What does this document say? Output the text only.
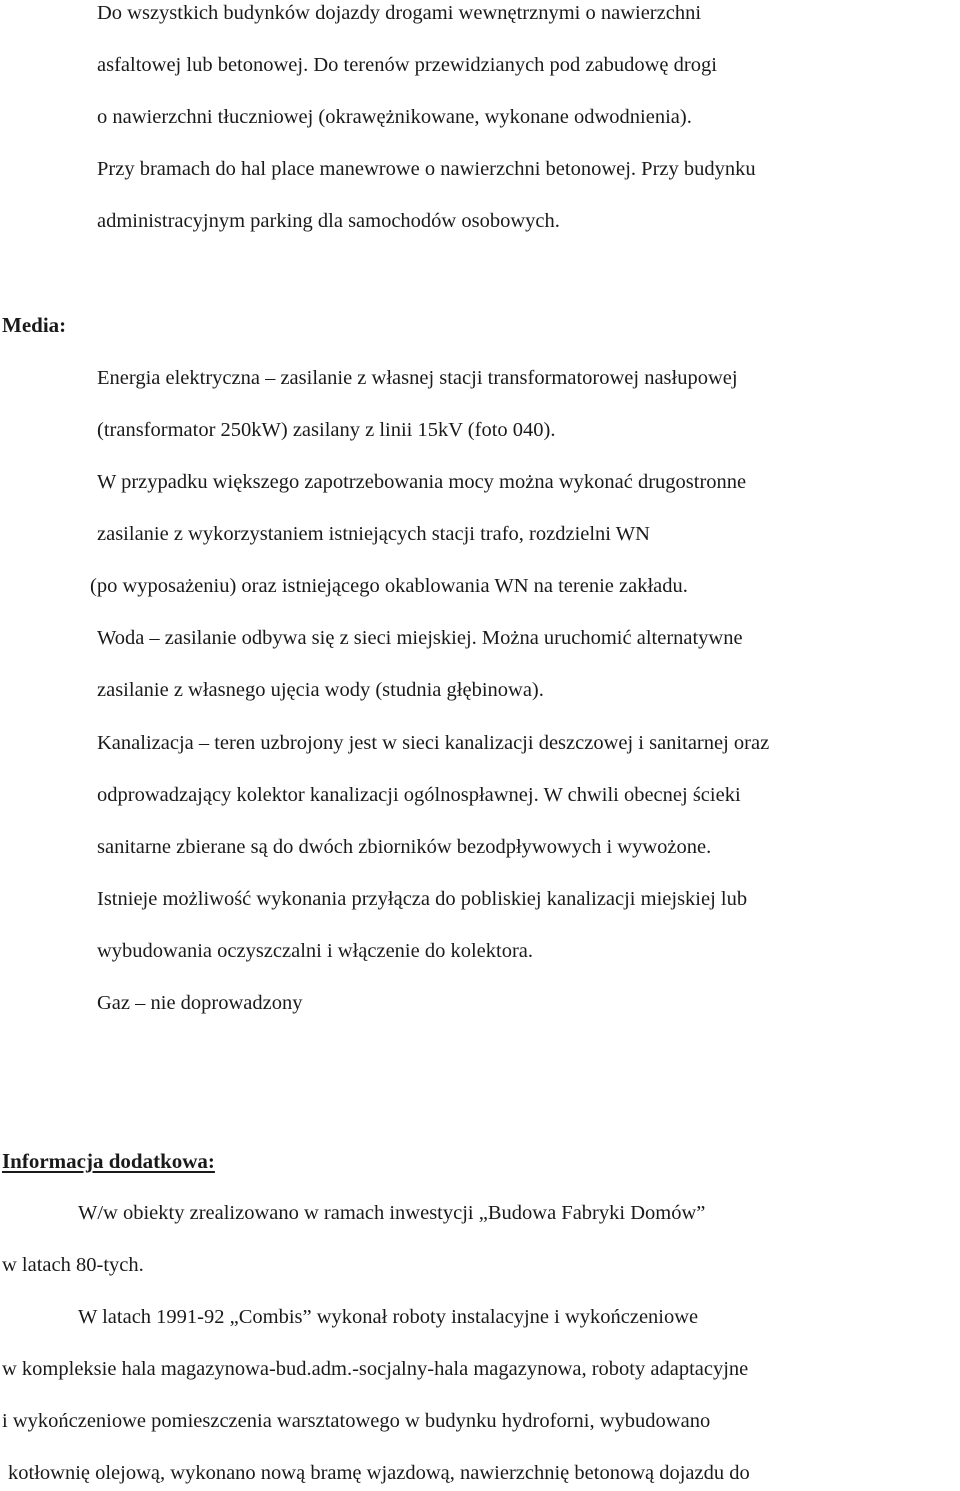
Do wszystkich budynków dojazdy drogami wewnętrznymi o nawierzchni

asfaltowej lub betonowej. Do terenów przewidzianych pod zabudowę drogi

o nawierzchni tłuczniowej (okrawężnikowane, wykonane odwodnienia).

Przy bramach do hal place manewrowe o nawierzchni betonowej. Przy budynku

administracyjnym parking dla samochodów osobowych.

Media:

Energia elektryczna – zasilanie z własnej stacji transformatorowej nasłupowej

(transformator 250kW) zasilany z linii 15kV (foto 040).

W przypadku większego zapotrzebowania mocy można wykonać drugostronne

zasilanie z wykorzystaniem istniejących stacji trafo, rozdzielni WN

(po wyposażeniu) oraz istniejącego okablowania WN na terenie zakładu.

Woda – zasilanie odbywa się z sieci miejskiej. Można uruchomić alternatywne

zasilanie z własnego ujęcia wody (studnia głębinowa).

Kanalizacja – teren uzbrojony jest w sieci kanalizacji deszczowej i sanitarnej oraz

odprowadzający kolektor kanalizacji ogólnospławnej. W chwili obecnej ścieki

sanitarne zbierane są do dwóch zbiorników bezodpływowych i wywożone.

Istnieje możliwość wykonania przyłącza do pobliskiej kanalizacji miejskiej lub

wybudowania oczyszczalni i włączenie do kolektora.

Gaz – nie doprowadzony

Informacja dodatkowa:

W/w obiekty zrealizowano w ramach inwestycji „Budowa Fabryki Domów”

w latach 80-tych.

W latach 1991-92 „Combis” wykonał roboty instalacyjne i wykończeniowe

w kompleksie hala magazynowa-bud.adm.-socjalny-hala magazynowa, roboty adaptacyjne

i wykończeniowe pomieszczenia warsztatowego w budynku hydroforni, wybudowano

kotłownię olejową, wykonano nową bramę wjazdową, nawierzchnię betonową dojazdu do
